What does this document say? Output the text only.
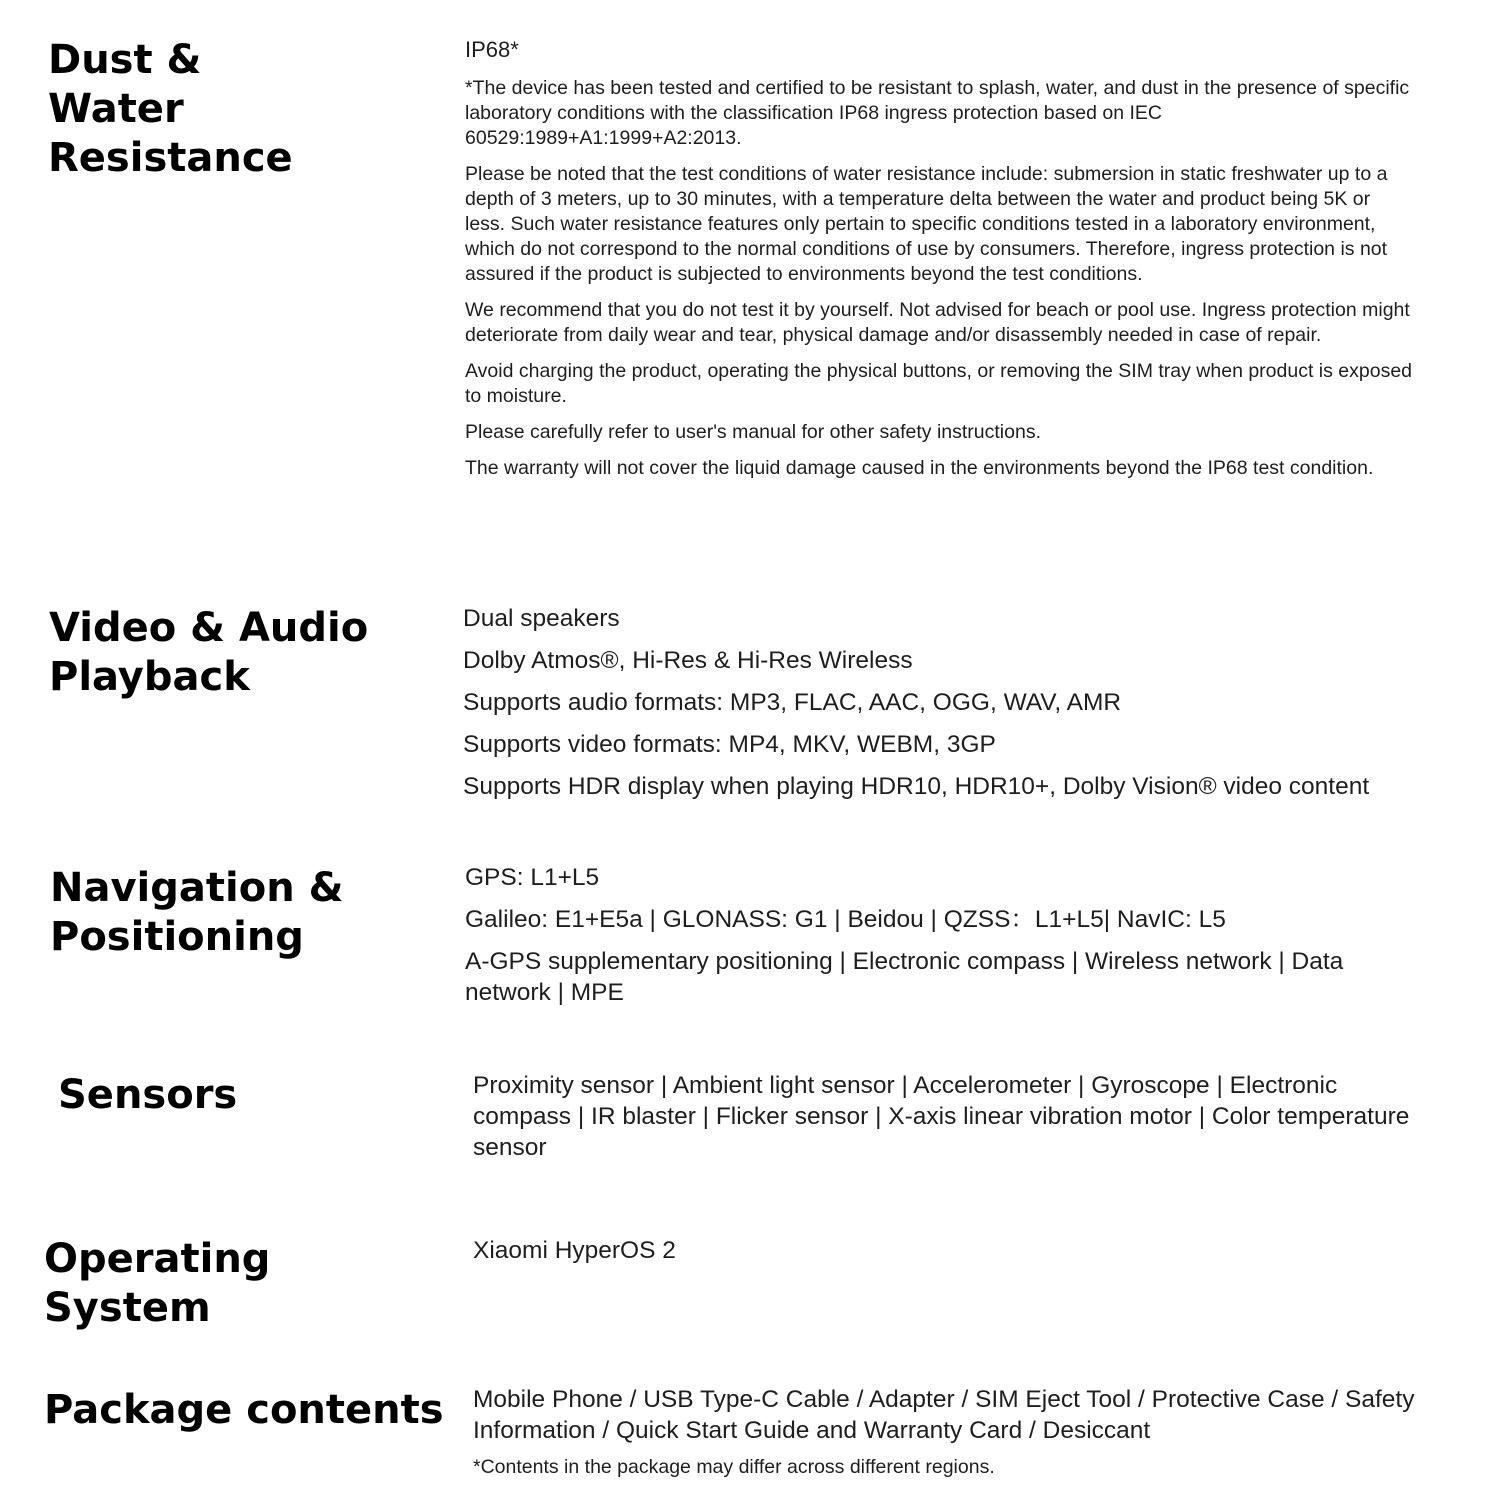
Dust & Water Resistance

IP68*

*The device has been tested and certified to be resistant to splash, water, and dust in the presence of specific laboratory conditions with the classification IP68 ingress protection based on IEC 60529:1989+A1:1999+A2:2013.

Please be noted that the test conditions of water resistance include: submersion in static freshwater up to a depth of 3 meters, up to 30 minutes, with a temperature delta between the water and product being 5K or less. Such water resistance features only pertain to specific conditions tested in a laboratory environment, which do not correspond to the normal conditions of use by consumers. Therefore, ingress protection is not assured if the product is subjected to environments beyond the test conditions.

We recommend that you do not test it by yourself. Not advised for beach or pool use. Ingress protection might deteriorate from daily wear and tear, physical damage and/or disassembly needed in case of repair.

Avoid charging the product, operating the physical buttons, or removing the SIM tray when product is exposed to moisture.

Please carefully refer to user's manual for other safety instructions.

The warranty will not cover the liquid damage caused in the environments beyond the IP68 test condition.

Video & Audio Playback

Dual speakers

Dolby Atmos®, Hi-Res & Hi-Res Wireless

Supports audio formats: MP3, FLAC, AAC, OGG, WAV, AMR

Supports video formats: MP4, MKV, WEBM, 3GP

Supports HDR display when playing HDR10, HDR10+, Dolby Vision® video content

Navigation & Positioning

GPS: L1+L5

Galileo: E1+E5a | GLONASS: G1 | Beidou | QZSS：L1+L5| NavIC: L5

A-GPS supplementary positioning | Electronic compass | Wireless network | Data network | MPE

Sensors	Proximity sensor | Ambient light sensor | Accelerometer | Gyroscope | Electronic compass | IR blaster | Flicker sensor | X-axis linear vibration motor | Color temperature sensor

Operating System

Xiaomi HyperOS 2

Package contents Mobile Phone / USB Type-C Cable / Adapter / SIM Eject Tool / Protective Case / Safety Information / Quick Start Guide and Warranty Card / Desiccant

*Contents in the package may differ across different regions.
